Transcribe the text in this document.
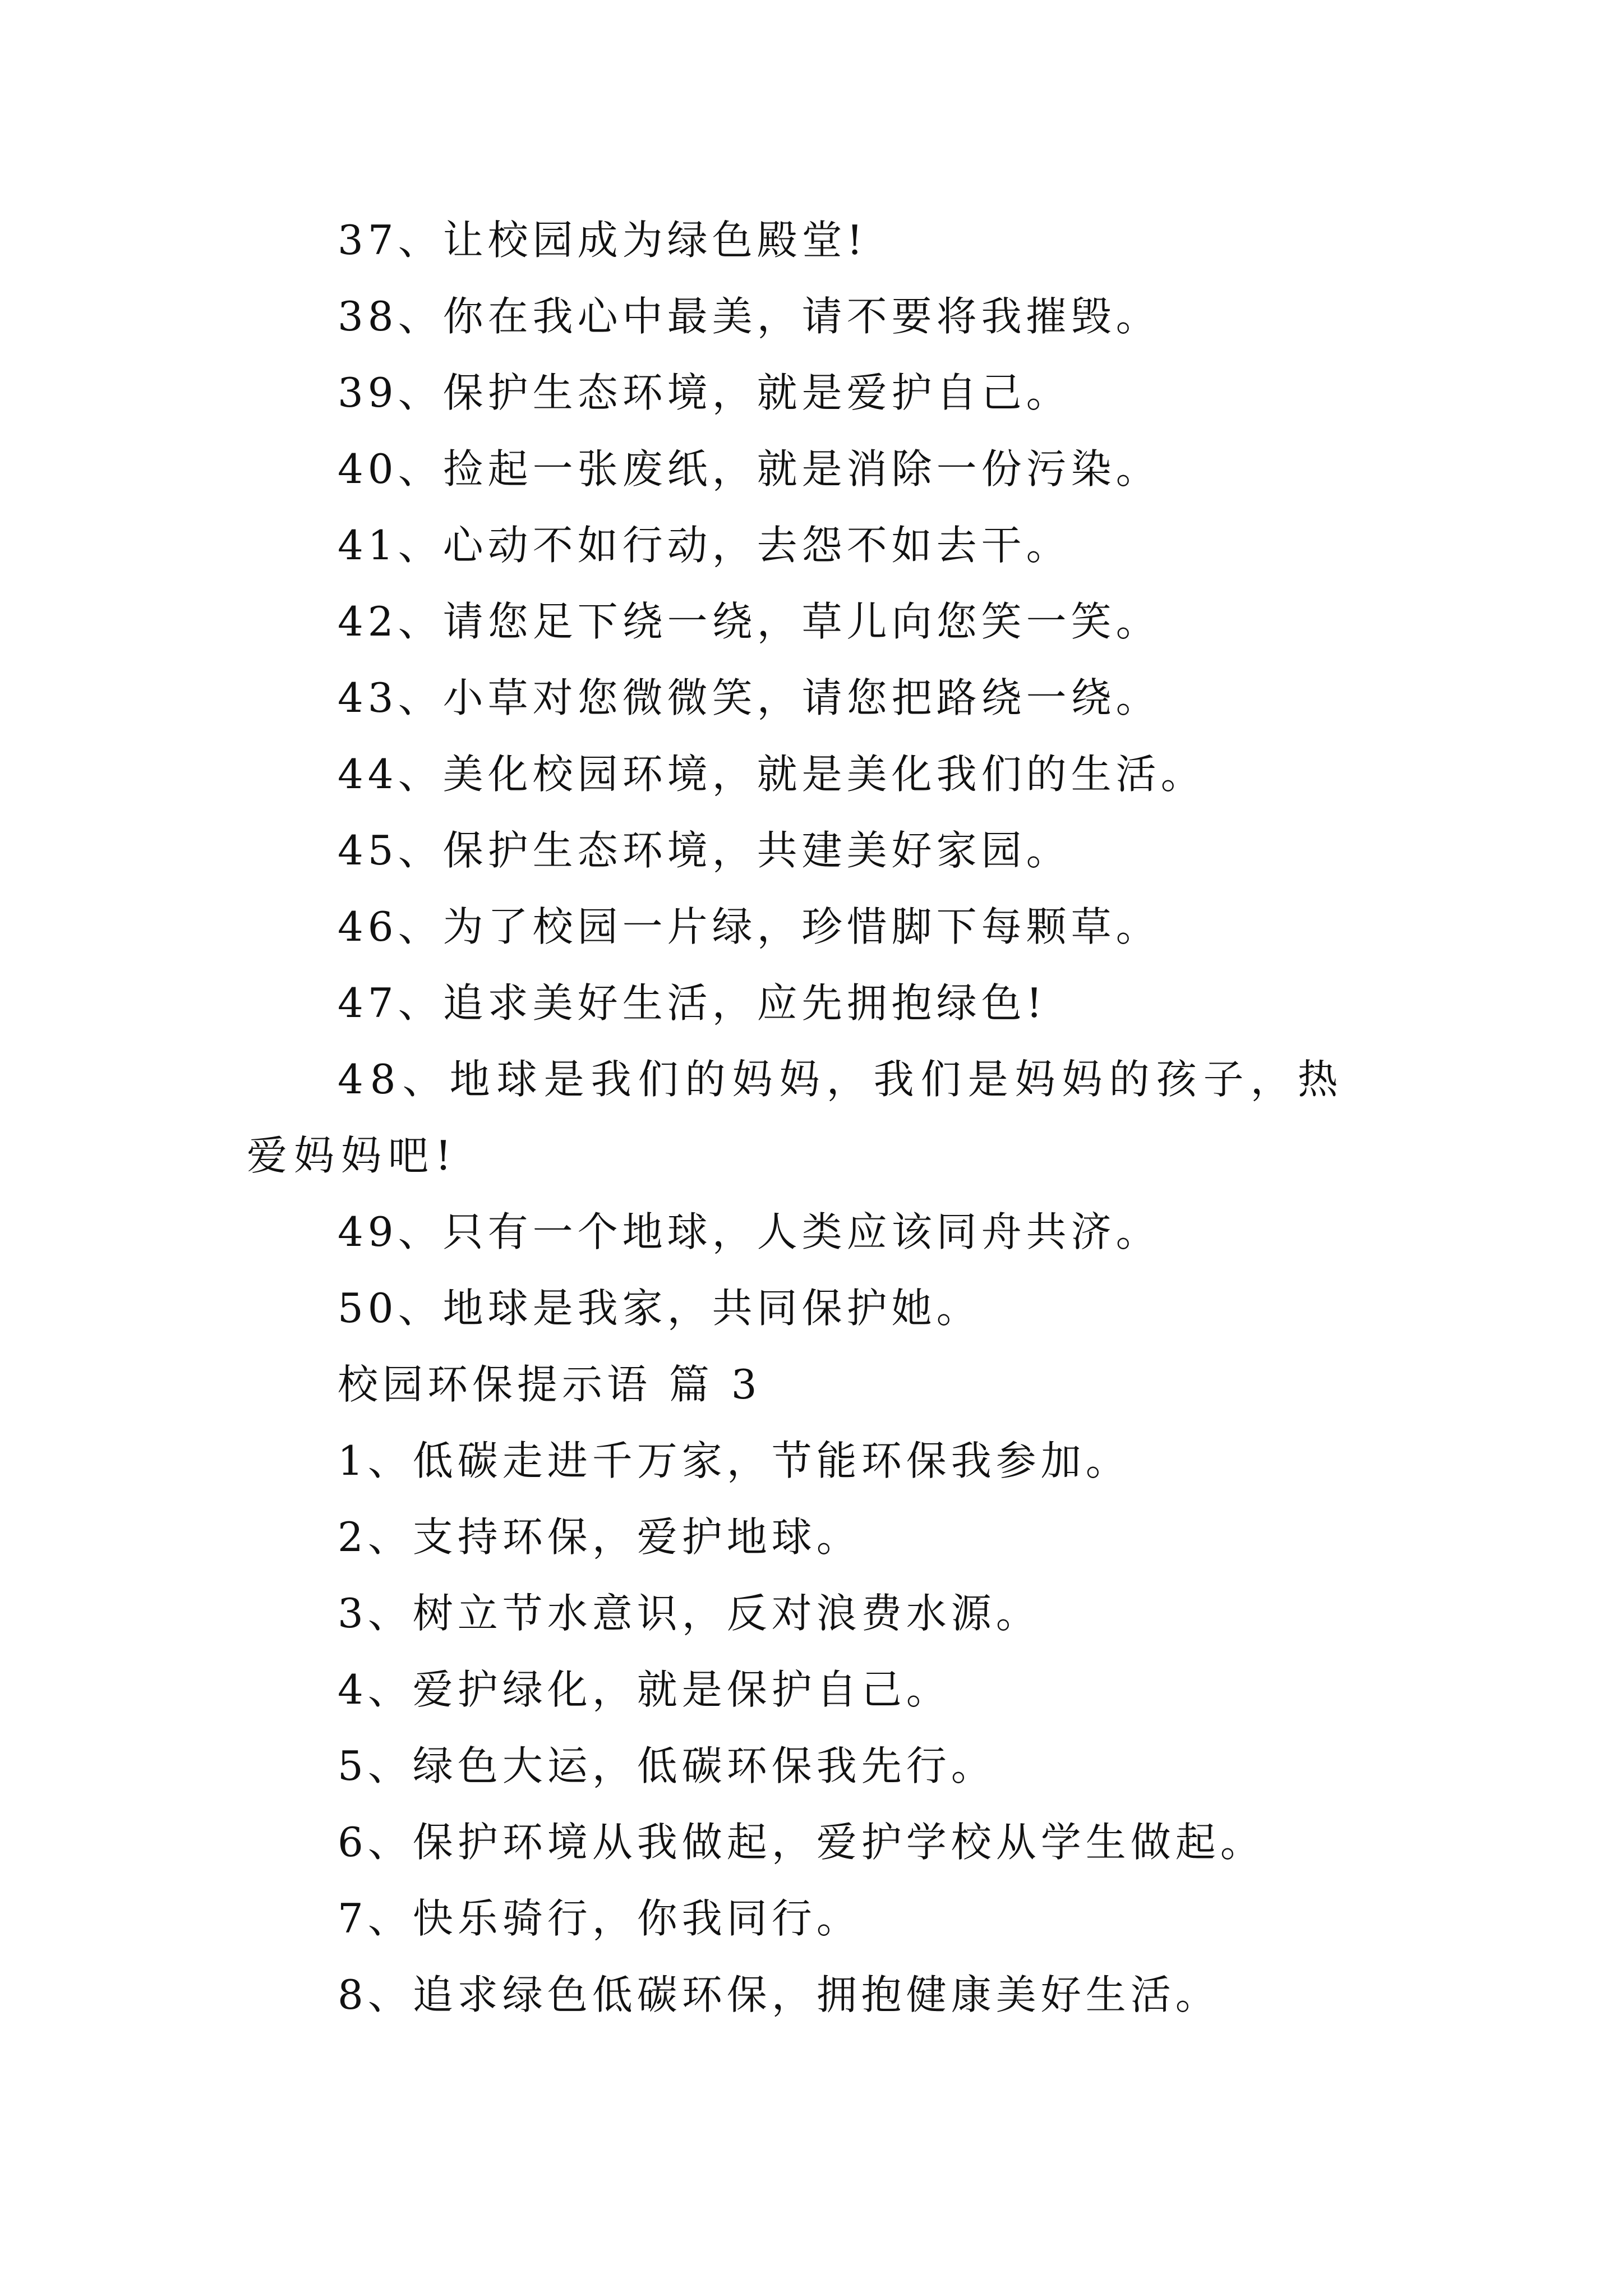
37、让校园成为绿色殿堂!

38、你在我心中最美，请不要将我摧毁。

39、保护生态环境，就是爱护自己。

40、捡起一张废纸，就是消除一份污染。

41、心动不如行动，去怨不如去干。

42、请您足下绕一绕，草儿向您笑一笑。

43、小草对您微微笑，请您把路绕一绕。

44、美化校园环境，就是美化我们的生活。

45、保护生态环境，共建美好家园。

46、为了校园一片绿，珍惜脚下每颗草。

47、追求美好生活，应先拥抱绿色!

48、地球是我们的妈妈，我们是妈妈的孩子，热爱妈妈吧!

49、只有一个地球，人类应该同舟共济。

50、地球是我家，共同保护她。

校园环保提示语 篇 3

1、低碳走进千万家，节能环保我参加。

2、支持环保，爱护地球。

3、树立节水意识，反对浪费水源。

4、爱护绿化，就是保护自己。

5、绿色大运，低碳环保我先行。

6、保护环境从我做起，爱护学校从学生做起。

7、快乐骑行，你我同行。

8、追求绿色低碳环保，拥抱健康美好生活。
